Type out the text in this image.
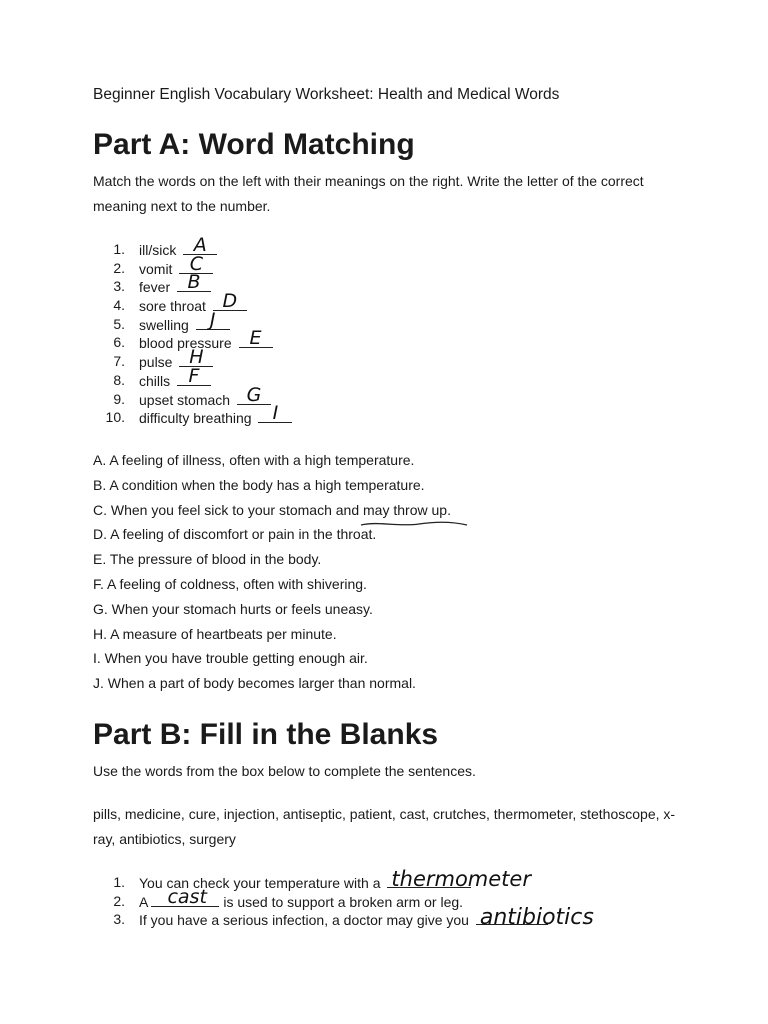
Beginner English Vocabulary Worksheet: Health and Medical Words
Part A: Word Matching
Match the words on the left with their meanings on the right. Write the letter of the correct meaning next to the number.
1. ill/sick A
2. vomit C
3. fever B
4. sore throat D
5. swelling	J
6. blood pressure E
7. pulse H
8. chills F
9. upset stomach G
10. difficulty breathing	I
A. A feeling of illness, often with a high temperature.
B. A condition when the body has a high temperature.
C. When you feel sick to your stomach and may throw up
.
D. A feeling of discomfort or pain in the throat.
E. The pressure of blood in the body.
F. A feeling of coldness, often with shivering.
G. When your stomach hurts or feels uneasy.
H. A measure of heartbeats per minute.
I. When you have trouble getting enough air.
J. When a part of body becomes larger than normal.
Part B: Fill in the Blanks
Use the words from the box below to complete the sentences.
pills, medicine, cure, injection, antiseptic, patient, cast, crutches, thermometer, stethoscope, x-ray, antibiotics, surgery
1. You can check your temperature with a thermometer
2. A cast is used to support a broken arm or leg.
3. If you have a serious infection, a doctor may give you antibiotics
